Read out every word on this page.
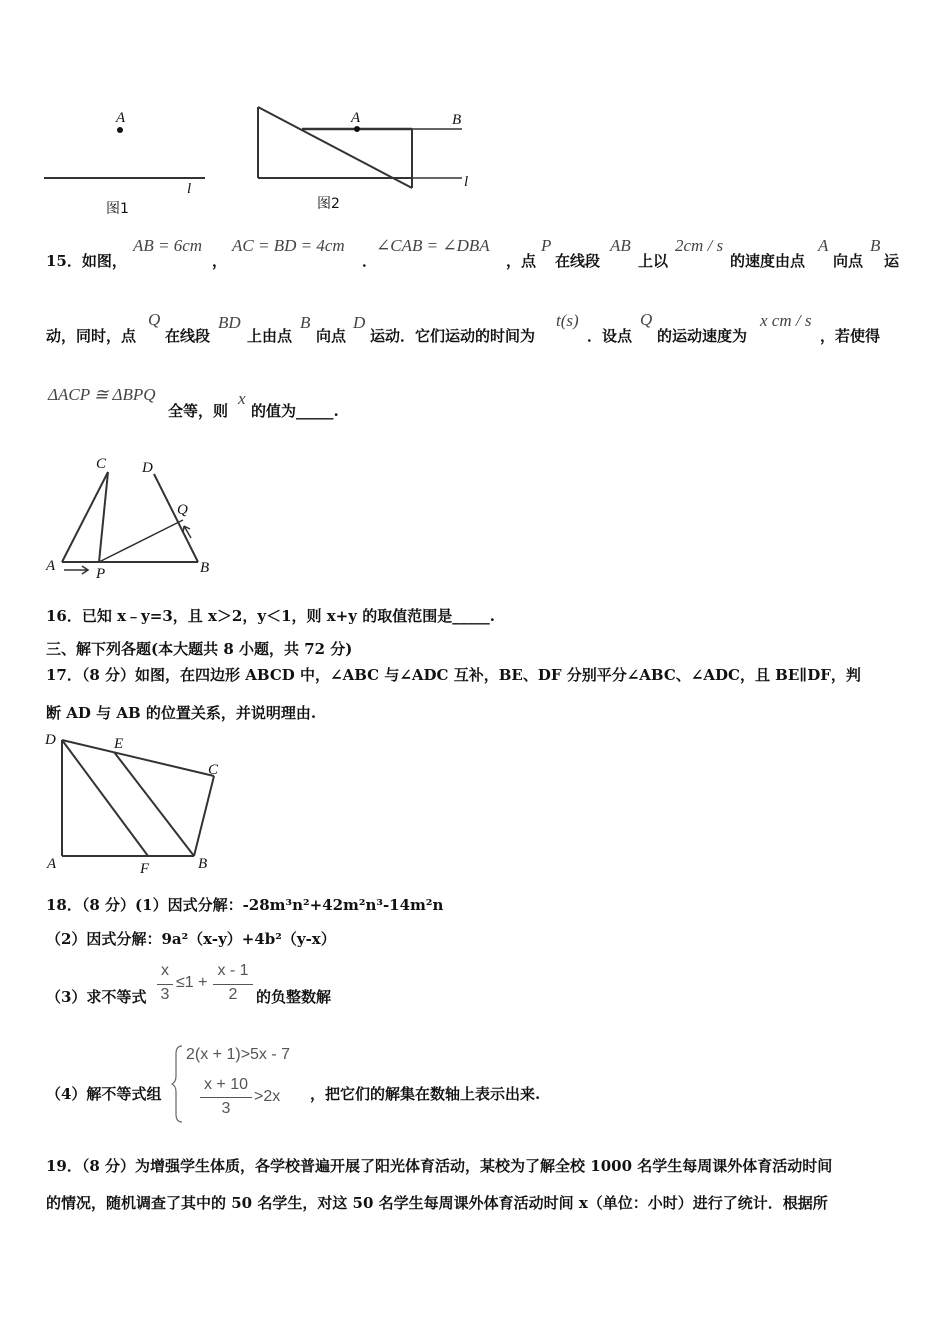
A
l
图1
A	B
l
图2
15．如图，
AB = 6cm
，
AC = BD = 4cm
．
∠CAB = ∠DBA
，点
P
在线段
AB
上以
2cm / s
的速度由点
A
向点
B
运
动，同时，点
Q
在线段
BD
上由点
B
向点
D
运动．它们运动的时间为
t(s)
．设点
Q
的运动速度为
x cm / s
，若使得
ΔACP ≅ ΔBPQ
全等，则
x
的值为_____.
C D
Q
A	P	B
16．已知 x﹣y=3，且 x＞2，y＜1，则 x+y 的取值范围是_____.
三、解下列各题(本大题共 8 小题，共 72 分)
17．（8 分）如图，在四边形 ABCD 中，∠ABC 与∠ADC 互补，BE、DF 分别平分∠ABC、∠ADC，且 BE∥DF，判
断 AD 与 AB 的位置关系，并说明理由.
D	E
C
A	F	B
18．（8 分）(1）因式分解：-28m³n²+42m²n³-14m²n
（2）因式分解：9a²（x-y）+4b²（y-x）
（3）求不等式
x
3
≤1 +
x - 1
2	的负整数解
（4）解不等式组
2(x + 1)>5x - 7
x + 10
3
>2x ，把它们的解集在数轴上表示出来.
19．（8 分）为增强学生体质，各学校普遍开展了阳光体育活动，某校为了解全校 1000 名学生每周课外体育活动时间
的情况，随机调查了其中的 50 名学生，对这 50 名学生每周课外体育活动时间 x（单位：小时）进行了统计．根据所
